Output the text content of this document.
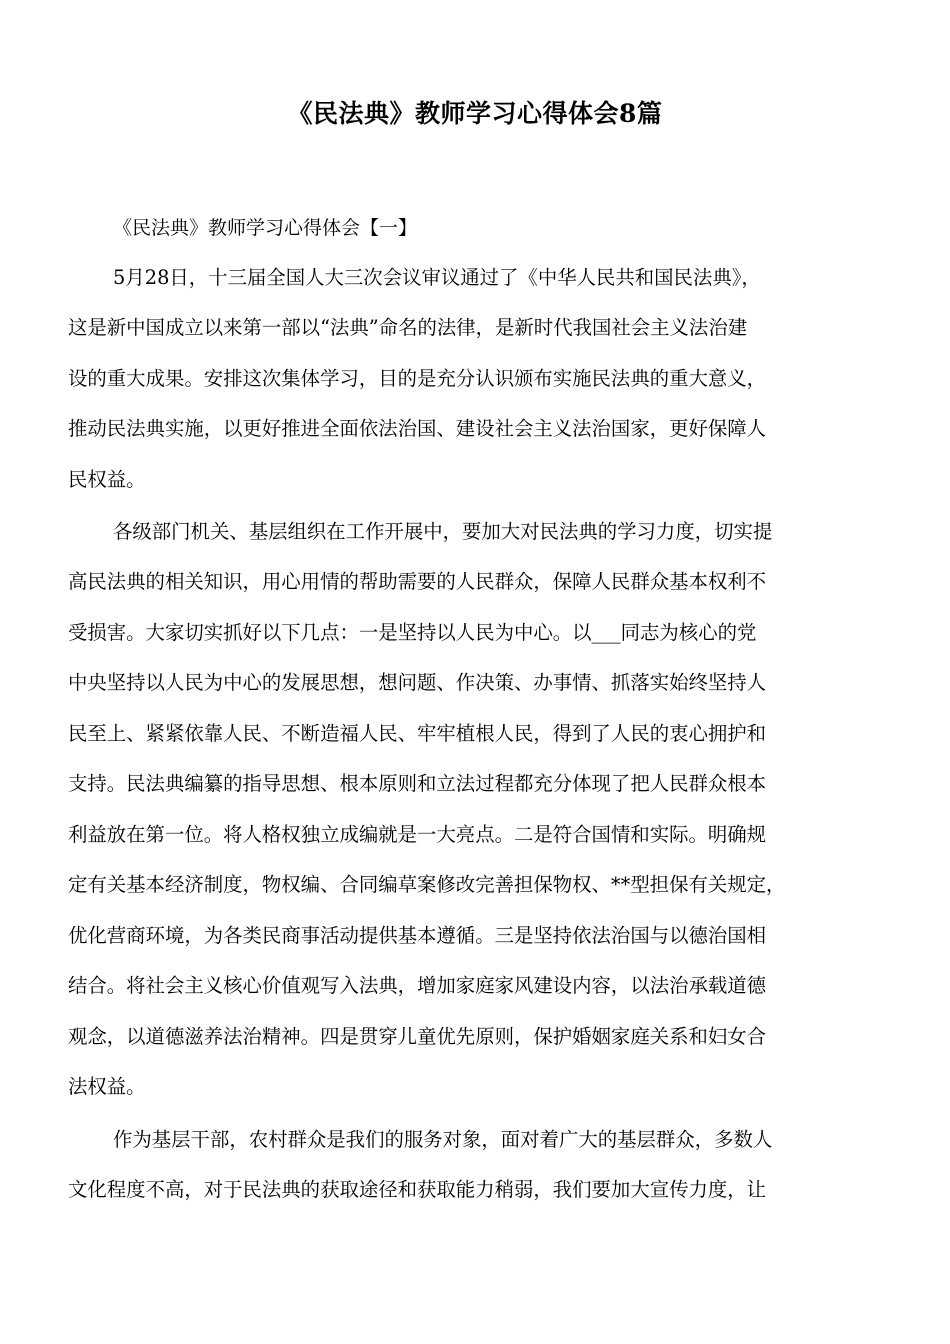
《民法典》教师学习心得体会8篇
《民法典》教师学习心得体会【一】
5月28日，十三届全国人大三次会议审议通过了《中华人民共和国民法典》，
这是新中国成立以来第一部以“法典”命名的法律，是新时代我国社会主义法治建
设的重大成果。安排这次集体学习，目的是充分认识颁布实施民法典的重大意义，
推动民法典实施，以更好推进全面依法治国、建设社会主义法治国家，更好保障人
民权益。
各级部门机关、基层组织在工作开展中，要加大对民法典的学习力度，切实提
高民法典的相关知识，用心用情的帮助需要的人民群众，保障人民群众基本权利不
受损害。大家切实抓好以下几点：一是坚持以人民为中心。以___同志为核心的党
中央坚持以人民为中心的发展思想，想问题、作决策、办事情、抓落实始终坚持人
民至上、紧紧依靠人民、不断造福人民、牢牢植根人民，得到了人民的衷心拥护和
支持。民法典编纂的指导思想、根本原则和立法过程都充分体现了把人民群众根本
利益放在第一位。将人格权独立成编就是一大亮点。二是符合国情和实际。明确规
定有关基本经济制度，物权编、合同编草案修改完善担保物权、**型担保有关规定，
优化营商环境，为各类民商事活动提供基本遵循。三是坚持依法治国与以德治国相
结合。将社会主义核心价值观写入法典，增加家庭家风建设内容，以法治承载道德
观念，以道德滋养法治精神。四是贯穿儿童优先原则，保护婚姻家庭关系和妇女合
法权益。
作为基层干部，农村群众是我们的服务对象，面对着广大的基层群众，多数人
文化程度不高，对于民法典的获取途径和获取能力稍弱，我们要加大宣传力度，让
